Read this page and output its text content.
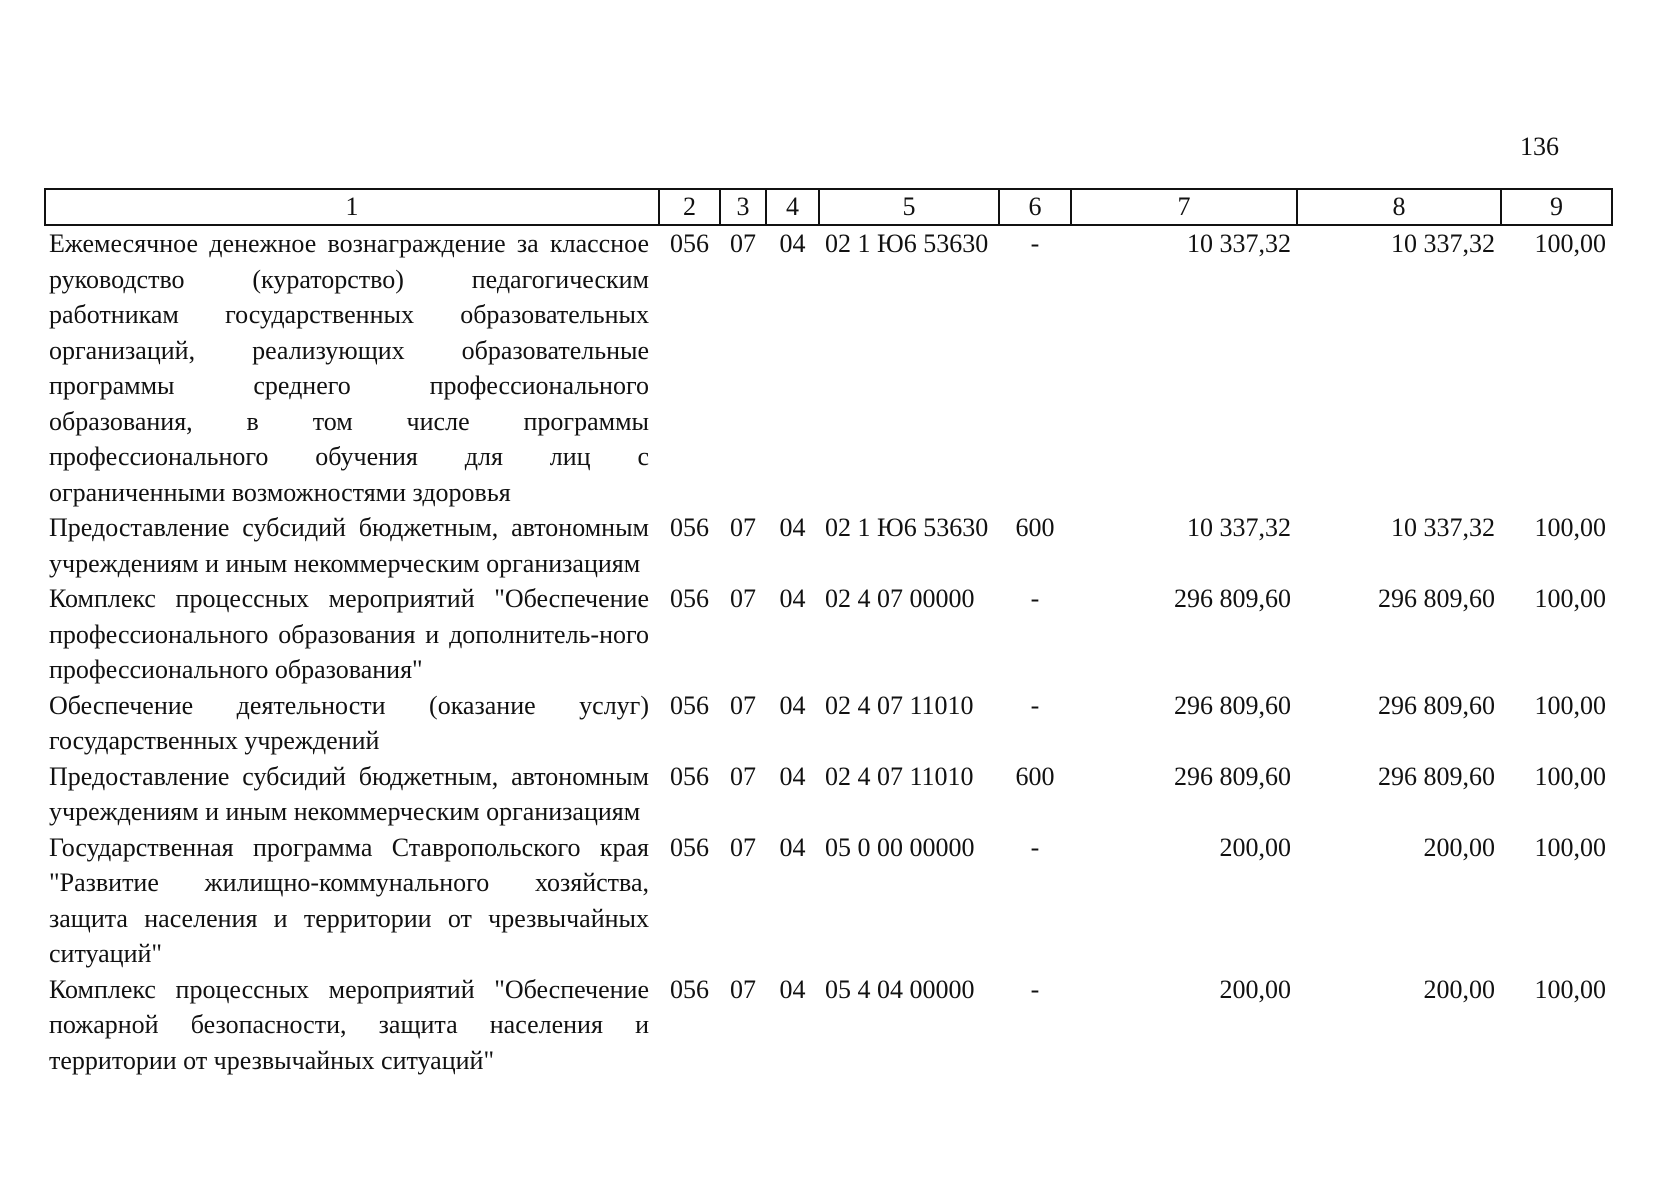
136
1	2	3	4	5	6	7	8	9
Ежемесячное денежное вознаграждение за классное руководство (кураторство) педагогическим работникам государственных образовательных организаций, реализующих образовательные программы среднего профессионального образования, в том числе программы профессионального обучения для лиц с ограниченными возможностями здоровья	056	07	04	02 1 Ю6 53630	-	10 337,32	10 337,32	100,00
Предоставление субсидий бюджетным, автономным учреждениям и иным некоммерческим организациям	056	07	04	02 1 Ю6 53630	600	10 337,32	10 337,32	100,00
Комплекс процессных мероприятий "Обеспечение профессионального образования и дополнитель-ного профессионального образования"	056	07	04	02 4 07 00000	-	296 809,60	296 809,60	100,00
Обеспечение деятельности (оказание услуг) государственных учреждений	056	07	04	02 4 07 11010	-	296 809,60	296 809,60	100,00
Предоставление субсидий бюджетным, автономным учреждениям и иным некоммерческим организациям	056	07	04	02 4 07 11010	600	296 809,60	296 809,60	100,00
Государственная программа Ставропольского края "Развитие жилищно-коммунального хозяйства, защита населения и территории от чрезвычайных ситуаций"	056	07	04	05 0 00 00000	-	200,00	200,00	100,00
Комплекс процессных мероприятий "Обеспечение пожарной безопасности, защита населения и территории от чрезвычайных ситуаций"	056	07	04	05 4 04 00000	-	200,00	200,00	100,00
